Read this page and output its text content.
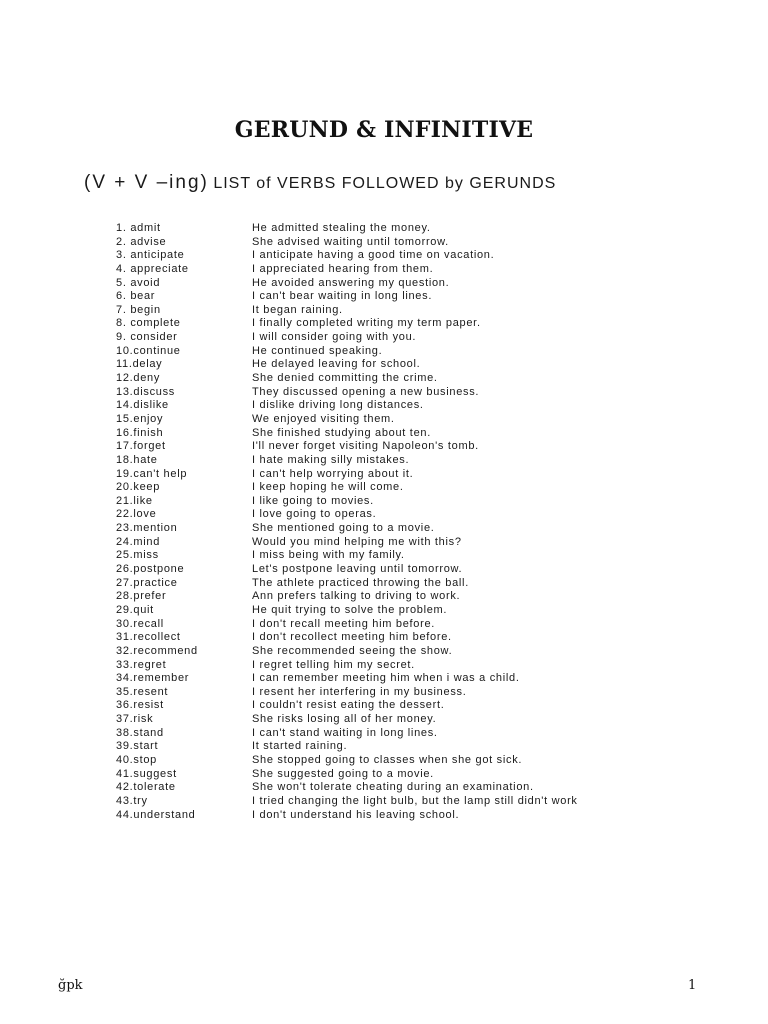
GERUND & INFINITIVE
(V + V –ing) LIST of VERBS FOLLOWED by GERUNDS
1. admit	He admitted stealing the money.
2. advise	She advised waiting until tomorrow.
3. anticipate	I anticipate having a good time on vacation.
4. appreciate	I appreciated hearing from them.
5. avoid	He avoided answering my question.
6. bear	I can't bear waiting in long lines.
7. begin	It began raining.
8. complete	I finally completed writing my term paper.
9. consider	I will consider going with you.
10.continue	He continued speaking.
11.delay	He delayed leaving for school.
12.deny	She denied committing the crime.
13.discuss	They discussed opening a new business.
14.dislike	I dislike driving long distances.
15.enjoy	We enjoyed visiting them.
16.finish	She finished studying about ten.
17.forget	I'll never forget visiting Napoleon's tomb.
18.hate	I hate making silly mistakes.
19.can't help	I can't help worrying about it.
20.keep	I keep hoping he will come.
21.like	I like going to movies.
22.love	I love going to operas.
23.mention	She mentioned going to a movie.
24.mind	Would you mind helping me with this?
25.miss	I miss being with my family.
26.postpone	Let's postpone leaving until tomorrow.
27.practice	The athlete practiced throwing the ball.
28.prefer	Ann prefers talking to driving to work.
29.quit	He quit trying to solve the problem.
30.recall	I don't recall meeting him before.
31.recollect	I don't recollect meeting him before.
32.recommend	She recommended seeing the show.
33.regret	I regret telling him my secret.
34.remember	I can remember meeting him when i was a child.
35.resent	I resent her interfering in my business.
36.resist	I couldn't resist eating the dessert.
37.risk	She risks losing all of her money.
38.stand	I can't stand waiting in long lines.
39.start	It started raining.
40.stop	She stopped going to classes when she got sick.
41.suggest	She suggested going to a movie.
42.tolerate	She won't tolerate cheating during an examination.
43.try	I tried changing the light bulb, but the lamp still didn't work
44.understand	I don't understand his leaving school.
ğpk	1
